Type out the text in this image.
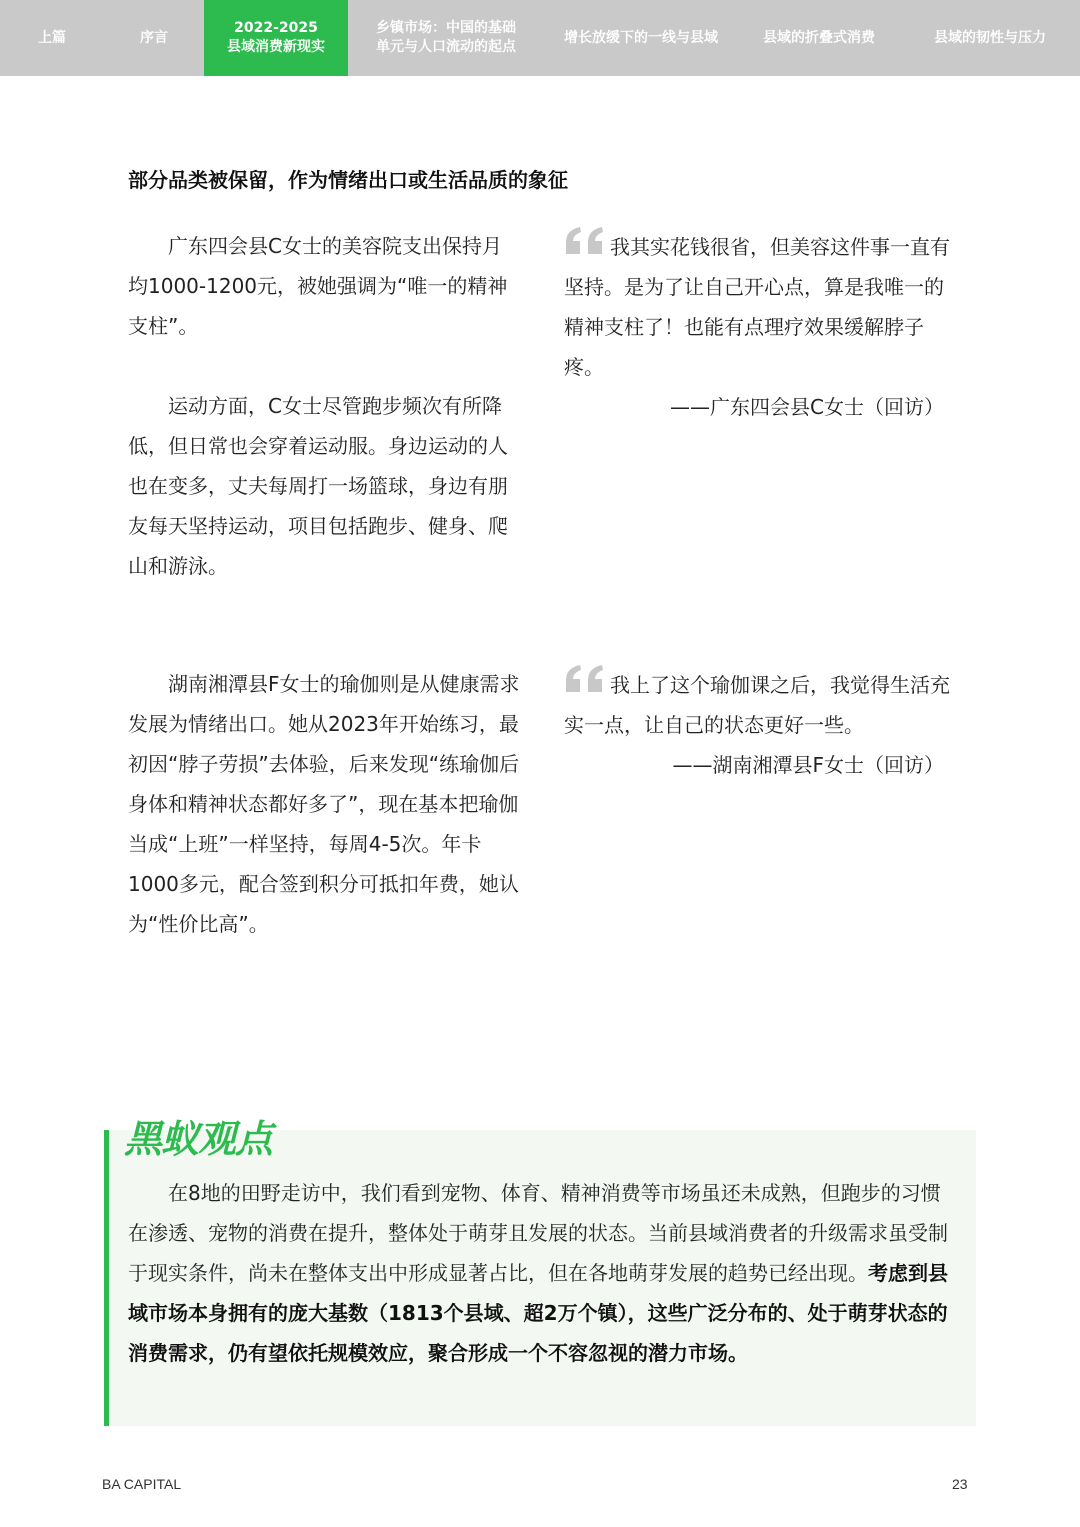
上篇	序言
2022-2025
县域消费新现实
乡镇市场：中国的基础
单元与人口流动的起点
增长放缓下的一线与县域	县域的折叠式消费	县域的韧性与压力
部分品类被保留，作为情绪出口或生活品质的象征

广东四会县C女士的美容院支出保持月均1000-1200元，被她强调为“唯一的精神支柱”。

运动方面，C女士尽管跑步频次有所降低，但日常也会穿着运动服。身边运动的人也在变多，丈夫每周打一场篮球，身边有朋友每天坚持运动，项目包括跑步、健身、爬山和游泳。

我其实花钱很省，但美容这件事一直有坚持。是为了让自己开心点，算是我唯一的精神支柱了！也能有点理疗效果缓解脖子疼。

——广东四会县C女士（回访）

湖南湘潭县F女士的瑜伽则是从健康需求发展为情绪出口。她从2023年开始练习，最初因“脖子劳损”去体验，后来发现“练瑜伽后身体和精神状态都好多了”，现在基本把瑜伽当成“上班”一样坚持，每周4-5次。年卡1000多元，配合签到积分可抵扣年费，她认为“性价比高”。

我上了这个瑜伽课之后，我觉得生活充实一点，让自己的状态更好一些。

——湖南湘潭县F女士（回访）

黑蚁观点

在8地的田野走访中，我们看到宠物、体育、精神消费等市场虽还未成熟，但跑步的习惯在渗透、宠物的消费在提升，整体处于萌芽且发展的状态。当前县域消费者的升级需求虽受制于现实条件，尚未在整体支出中形成显著占比，但在各地萌芽发展的趋势已经出现。考虑到县域市场本身拥有的庞大基数（1813个县域、超2万个镇），这些广泛分布的、处于萌芽状态的消费需求，仍有望依托规模效应，聚合形成一个不容忽视的潜力市场。

BA CAPITAL	23
